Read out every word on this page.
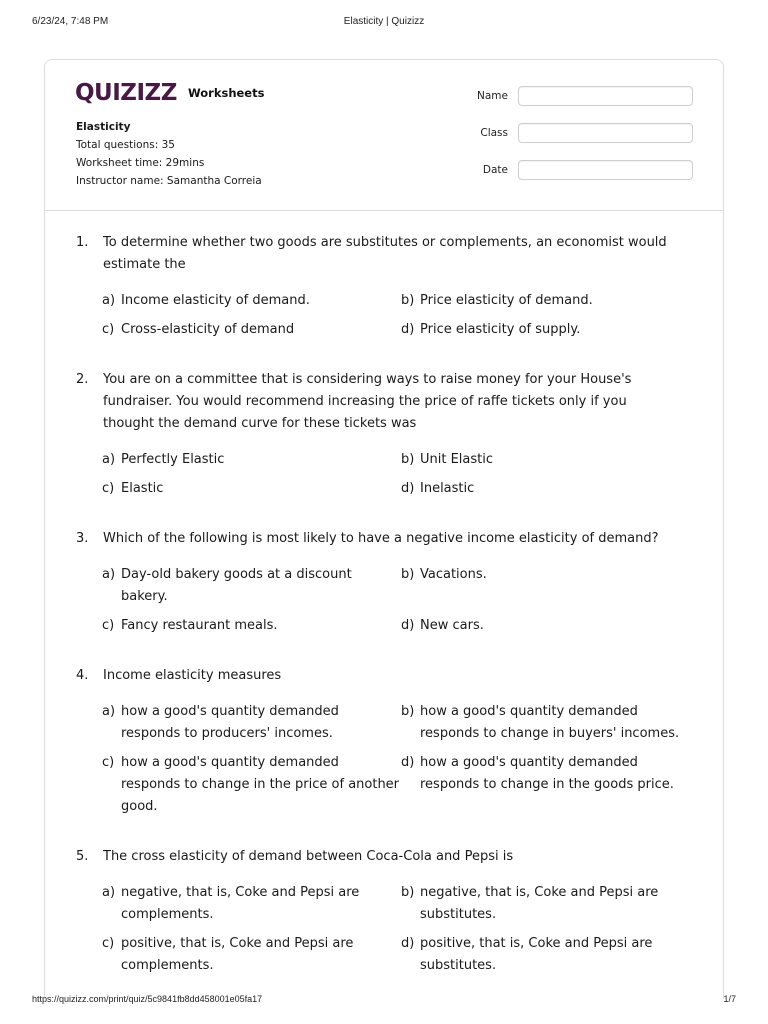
6/23/24, 7:48 PM	Elasticity | Quizizz
QUIZIZZ Worksheets
Elasticity
Total questions: 35
Worksheet time: 29mins
Instructor name: Samantha Correia
Name
Class
Date
1. To determine whether two goods are substitutes or complements, an economist would estimate the
a) Income elasticity of demand.	b) Price elasticity of demand.
c) Cross-elasticity of demand	d) Price elasticity of supply.
2. You are on a committee that is considering ways to raise money for your House's fundraiser. You would recommend increasing the price of raffe tickets only if you thought the demand curve for these tickets was
a) Perfectly Elastic	b) Unit Elastic
c) Elastic	d) Inelastic
3. Which of the following is most likely to have a negative income elasticity of demand?
a) Day-old bakery goods at a discount bakery.
b) Vacations.
c) Fancy restaurant meals.	d) New cars.
4. Income elasticity measures
a) how a good's quantity demanded responds to producers' incomes.
b) how a good's quantity demanded responds to change in buyers' incomes.
c) how a good's quantity demanded responds to change in the price of another good.
d) how a good's quantity demanded responds to change in the goods price.
5. The cross elasticity of demand between Coca-Cola and Pepsi is
a) negative, that is, Coke and Pepsi are complements.
b) negative, that is, Coke and Pepsi are substitutes.
c) positive, that is, Coke and Pepsi are complements.
d) positive, that is, Coke and Pepsi are substitutes.
https://quizizz.com/print/quiz/5c9841fb8dd458001e05fa17	1/7
